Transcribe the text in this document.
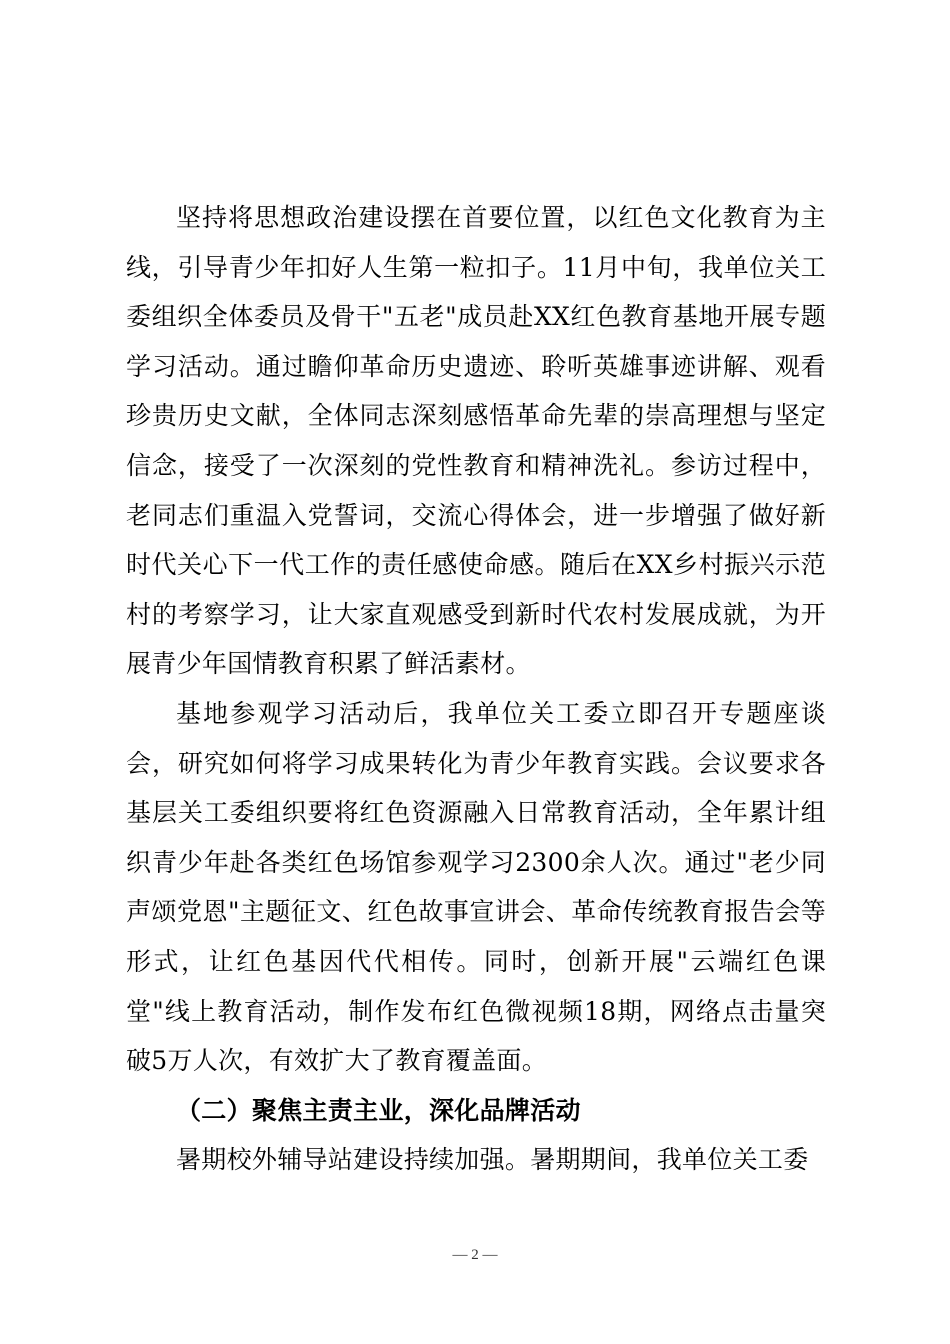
坚持将思想政治建设摆在首要位置，以红色文化教育为主线，引导青少年扣好人生第一粒扣子。11月中旬，我单位关工委组织全体委员及骨干"五老"成员赴XX红色教育基地开展专题学习活动。通过瞻仰革命历史遗迹、聆听英雄事迹讲解、观看珍贵历史文献，全体同志深刻感悟革命先辈的崇高理想与坚定信念，接受了一次深刻的党性教育和精神洗礼。参访过程中，老同志们重温入党誓词，交流心得体会，进一步增强了做好新时代关心下一代工作的责任感使命感。随后在XX乡村振兴示范村的考察学习，让大家直观感受到新时代农村发展成就，为开展青少年国情教育积累了鲜活素材。

基地参观学习活动后，我单位关工委立即召开专题座谈会，研究如何将学习成果转化为青少年教育实践。会议要求各基层关工委组织要将红色资源融入日常教育活动，全年累计组织青少年赴各类红色场馆参观学习2300余人次。通过"老少同声颂党恩"主题征文、红色故事宣讲会、革命传统教育报告会等形式，让红色基因代代相传。同时，创新开展"云端红色课堂"线上教育活动，制作发布红色微视频18期，网络点击量突破5万人次，有效扩大了教育覆盖面。

（二）聚焦主责主业，深化品牌活动

暑期校外辅导站建设持续加强。暑期期间，我单位关工委

— 2 —
